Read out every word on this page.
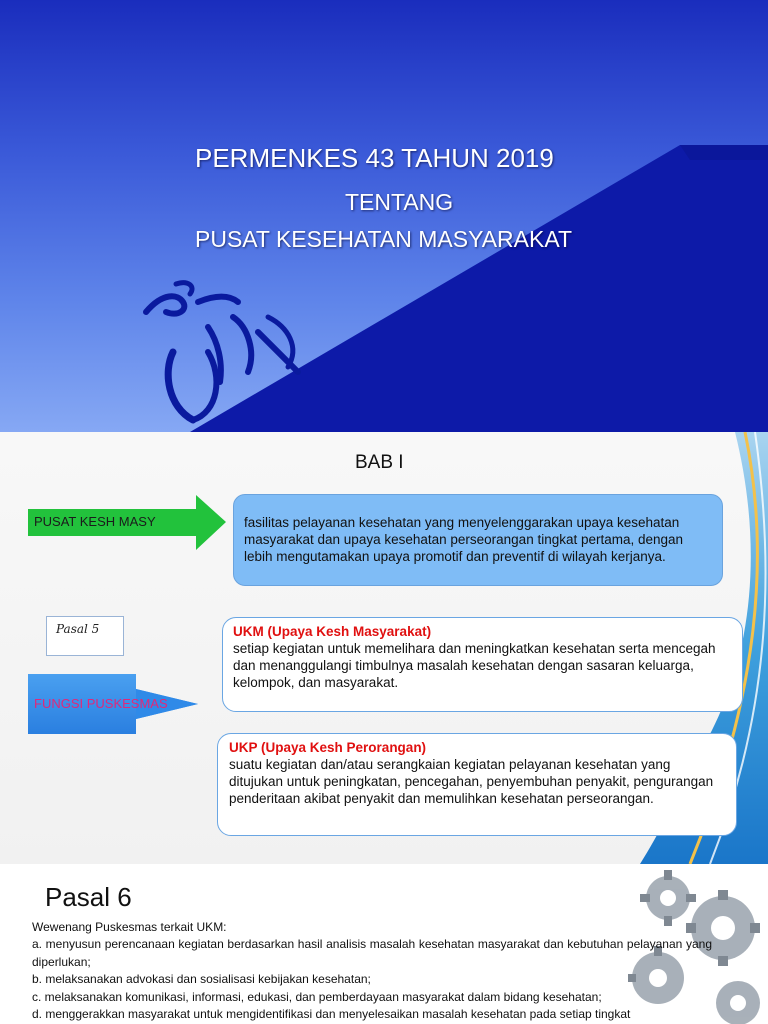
PERMENKES 43 TAHUN 2019
TENTANG
PUSAT KESEHATAN MASYARAKAT
BAB I
PUSAT KESH MASY	fasilitas pelayanan kesehatan yang menyelenggarakan upaya kesehatan masyarakat dan upaya kesehatan perseorangan tingkat pertama, dengan lebih mengutamakan upaya promotif dan preventif di wilayah kerjanya.
Pasal 5
FUNGSI PUSKESMAS
UKM (Upaya Kesh Masyarakat)
setiap kegiatan untuk memelihara dan meningkatkan kesehatan serta mencegah dan menanggulangi timbulnya masalah kesehatan dengan sasaran keluarga, kelompok, dan masyarakat.
UKP (Upaya Kesh Perorangan)
suatu kegiatan dan/atau serangkaian kegiatan pelayanan kesehatan yang ditujukan untuk peningkatan, pencegahan, penyembuhan penyakit, pengurangan penderitaan akibat penyakit dan memulihkan kesehatan perseorangan.
Pasal 6
Wewenang Puskesmas terkait UKM:
a. menyusun perencanaan kegiatan berdasarkan hasil analisis masalah kesehatan masyarakat dan kebutuhan pelayanan yang diperlukan;
b. melaksanakan advokasi dan sosialisasi kebijakan kesehatan;
c. melaksanakan komunikasi, informasi, edukasi, dan pemberdayaan masyarakat dalam bidang kesehatan;
d. menggerakkan masyarakat untuk mengidentifikasi dan menyelesaikan masalah kesehatan pada setiap tingkat
